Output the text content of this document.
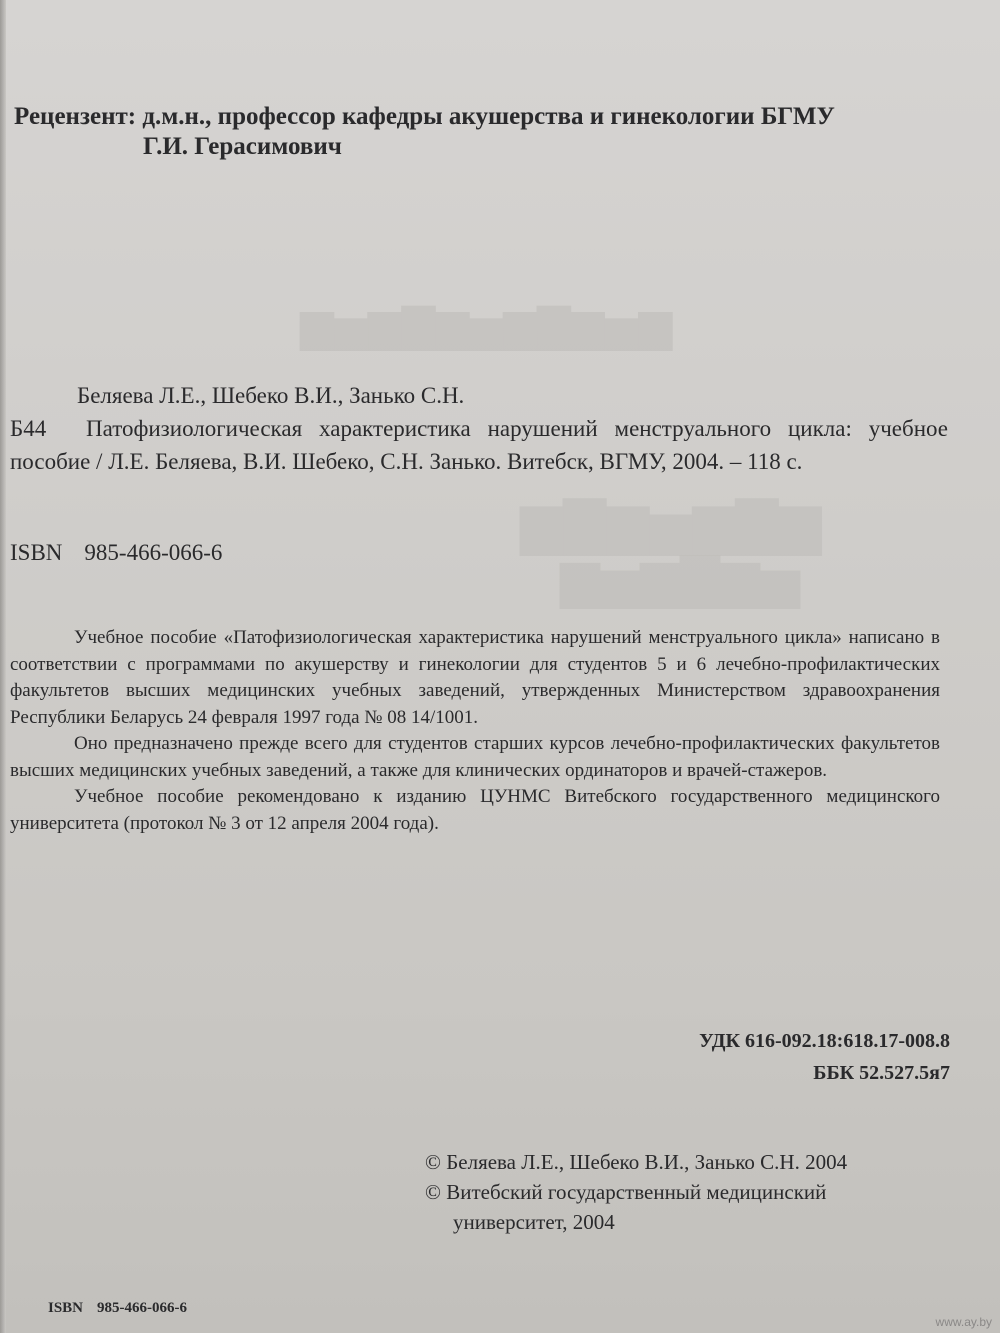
▆▅▆▇▆▅▆▇▆▅▆
▆▇▆▅▆▇▆
▅▆▇▆▅▆
Рецензент: д.м.н., профессор кафедры акушерства и гинекологии БГМУ
Г.И. Герасимович
Беляева Л.Е., Шебеко В.И., Занько С.Н.
Б44 Патофизиологическая характеристика нарушений менструального цикла: учебное пособие / Л.Е. Беляева, В.И. Шебеко, С.Н. Занько. Витебск, ВГМУ, 2004. – 118 с.
ISBN 985-466-066-6

Учебное пособие «Патофизиологическая характеристика нарушений менструального цикла» написано в соответствии с программами по акушерству и гинекологии для студентов 5 и 6 лечебно-профилактических факультетов высших медицинских учебных заведений, утвержденных Министерством здравоохранения Республики Беларусь 24 февраля 1997 года № 08 14/1001.

Оно предназначено прежде всего для студентов старших курсов лечебно-профилактических факультетов высших медицинских учебных заведений, а также для клинических ординаторов и врачей-стажеров.

Учебное пособие рекомендовано к изданию ЦУНМС Витебского государственного медицинского университета (протокол № 3 от 12 апреля 2004 года).

УДК 616-092.18:618.17-008.8
ББК 52.527.5я7
© Беляева Л.Е., Шебеко В.И., Занько С.Н. 2004
© Витебский государственный медицинский
университет, 2004
ISBN 985-466-066-6
www.ay.by
